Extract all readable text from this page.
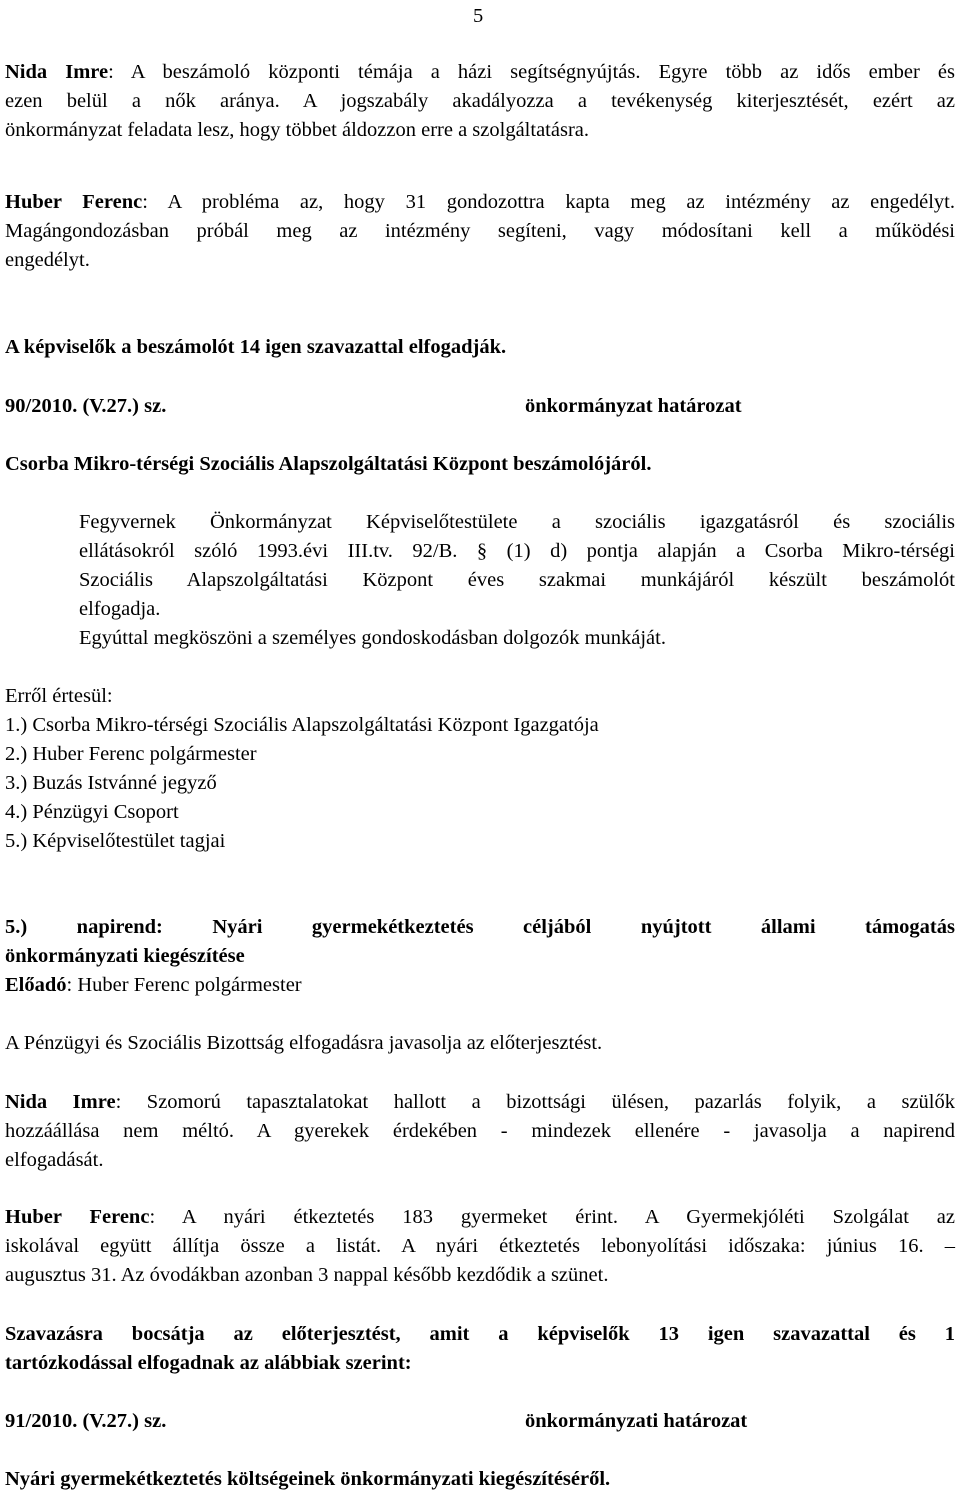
5
Nida Imre: A beszámoló központi témája a házi segítségnyújtás. Egyre több az idős ember és
ezen belül a nők aránya. A jogszabály akadályozza a tevékenység kiterjesztését, ezért az
önkormányzat feladata lesz, hogy többet áldozzon erre a szolgáltatásra.
Huber Ferenc: A probléma az, hogy 31 gondozottra kapta meg az intézmény az engedélyt.
Magángondozásban próbál meg az intézmény segíteni, vagy módosítani kell a működési
engedélyt.
A képviselők a beszámolót 14 igen szavazattal elfogadják.
90/2010. (V.27.) sz.	önkormányzat határozat
Csorba Mikro-térségi Szociális Alapszolgáltatási Központ beszámolójáról.
Fegyvernek Önkormányzat Képviselőtestülete a szociális igazgatásról és szociális
ellátásokról szóló 1993.évi III.tv. 92/B. § (1) d) pontja alapján a Csorba Mikro-térségi
Szociális Alapszolgáltatási Központ éves szakmai munkájáról készült beszámolót
elfogadja.
Egyúttal megköszöni a személyes gondoskodásban dolgozók munkáját.
Erről értesül:
1.) Csorba Mikro-térségi Szociális Alapszolgáltatási Központ Igazgatója
2.) Huber Ferenc polgármester
3.) Buzás Istvánné jegyző
4.) Pénzügyi Csoport
5.) Képviselőtestület tagjai
5.) napirend: Nyári gyermekétkeztetés céljából nyújtott állami támogatás
önkormányzati kiegészítése
Előadó: Huber Ferenc polgármester
A Pénzügyi és Szociális Bizottság elfogadásra javasolja az előterjesztést.
Nida Imre: Szomorú tapasztalatokat hallott a bizottsági ülésen, pazarlás folyik, a szülők
hozzáállása nem méltó. A gyerekek érdekében - mindezek ellenére - javasolja a napirend
elfogadását.
Huber Ferenc: A nyári étkeztetés 183 gyermeket érint. A Gyermekjóléti Szolgálat az
iskolával együtt állítja össze a listát. A nyári étkeztetés lebonyolítási időszaka: június 16. –
augusztus 31. Az óvodákban azonban 3 nappal később kezdődik a szünet.
Szavazásra bocsátja az előterjesztést, amit a képviselők 13 igen szavazattal és 1
tartózkodással elfogadnak az alábbiak szerint:
91/2010. (V.27.) sz.	önkormányzati határozat
Nyári gyermekétkeztetés költségeinek önkormányzati kiegészítéséről.
